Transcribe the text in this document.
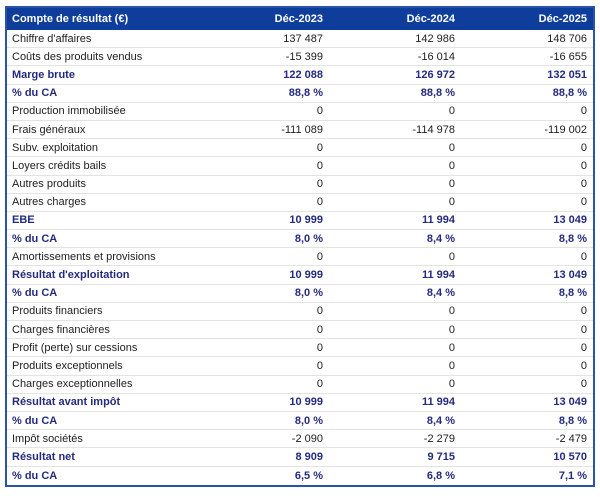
Compte de résultat (€)	Déc-2023	Déc-2024	Déc-2025
Chiffre d'affaires	137 487	142 986	148 706
Coûts des produits vendus	-15 399	-16 014	-16 655
Marge brute	122 088	126 972	132 051
% du CA	88,8 %	88,8 %	88,8 %
Production immobilisée	0	0	0
Frais généraux	-111 089	-114 978	-119 002
Subv. exploitation	0	0	0
Loyers crédits bails	0	0	0
Autres produits	0	0	0
Autres charges	0	0	0
EBE	10 999	11 994	13 049
% du CA	8,0 %	8,4 %	8,8 %
Amortissements et provisions	0	0	0
Résultat d'exploitation	10 999	11 994	13 049
% du CA	8,0 %	8,4 %	8,8 %
Produits financiers	0	0	0
Charges financières	0	0	0
Profit (perte) sur cessions	0	0	0
Produits exceptionnels	0	0	0
Charges exceptionnelles	0	0	0
Résultat avant impôt	10 999	11 994	13 049
% du CA	8,0 %	8,4 %	8,8 %
Impôt sociétés	-2 090	-2 279	-2 479
Résultat net	8 909	9 715	10 570
% du CA	6,5 %	6,8 %	7,1 %
